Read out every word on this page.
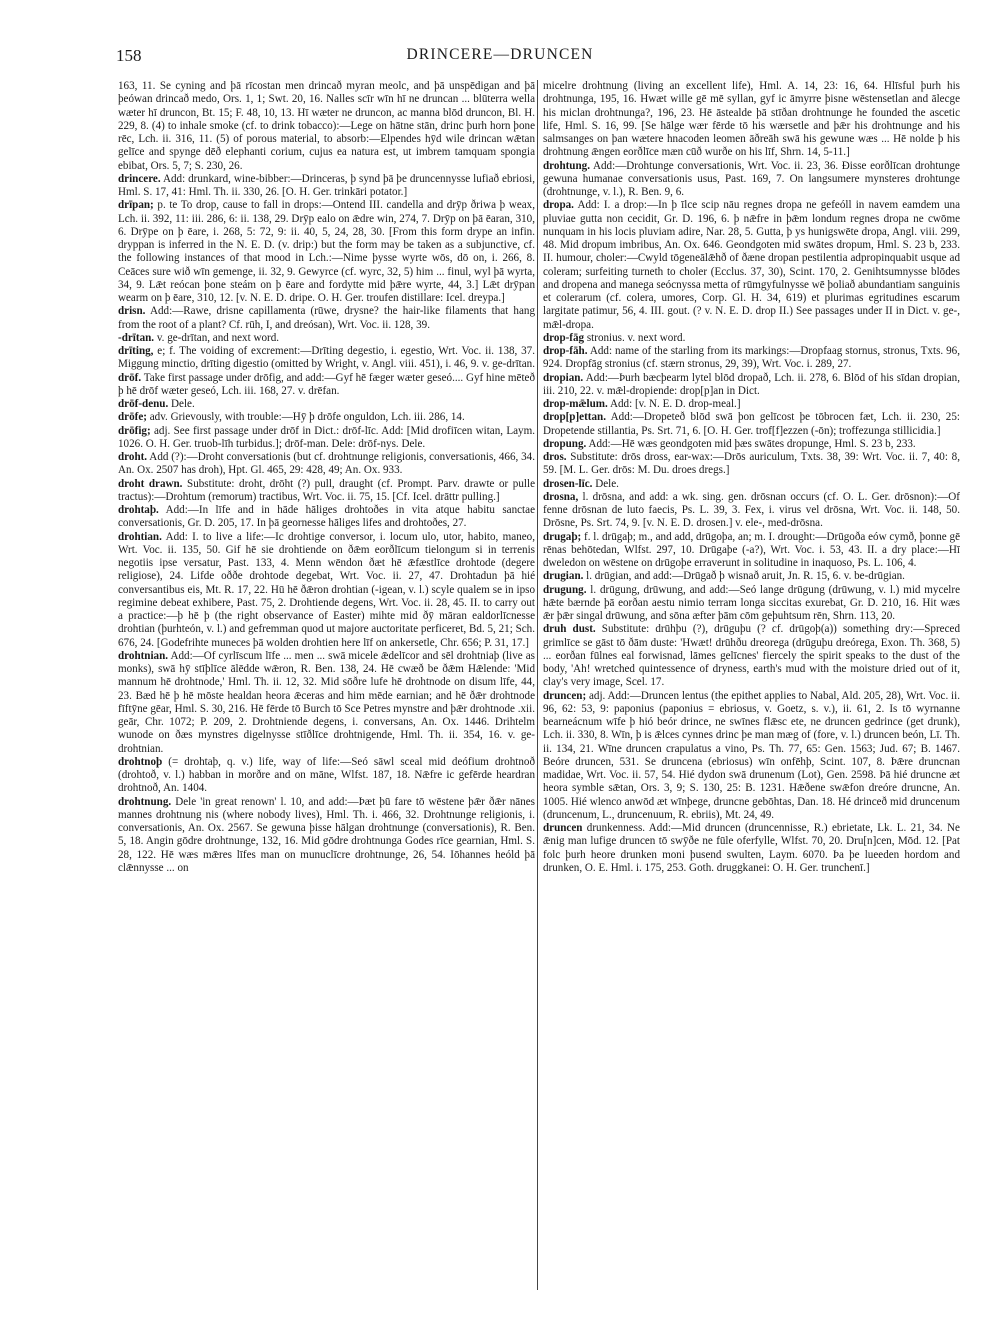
158	DRINCERE—DRUNCEN
163, 11. Se cyning and þā rīcostan men drincað myran meolc, and þā unspēdigan and þā þeówan drincað medo, Ors. 1, 1; Swt. 20, 16. Nalles scīr wīn hī ne druncan ... blūterra wella wæter hī druncon, Bt. 15; F. 48, 10, 13. Hī wæter ne druncon, ac manna blōd druncon, Bl. H. 229, 8. (4) to inhale smoke (cf. to drink tobacco):—Lege on hātne stān, drinc þurh horn þone rēc, Lch. ii. 316, 11. (5) of porous material, to absorb:—Elpendes hȳd wile drincan wǣtan gelīce and spynge dēð elephanti corium, cujus ea natura est, ut imbrem tamquam spongia ebibat, Ors. 5, 7; S. 230, 26.
drincere. Add: drunkard, wine-bibber:—Drinceras, þ synd þā þe druncennysse lufiað ebriosi, Hml. S. 17, 41: Hml. Th. ii. 330, 26. [O. H. Ger. trinkāri potator.]
drīpan; p. te To drop, cause to fall in drops:—Ontend III. candella and drȳp ðriwa þ weax, Lch. ii. 392, 11: iii. 286, 6: ii. 138, 29. Drȳp ealo on ǣdre win, 274, 7. Drȳp on þā ēaran, 310, 6. Drȳpe on þ ēare, i. 268, 5: 72, 9: ii. 40, 5, 24, 28, 30. [From this form drype an infin. dryppan is inferred in the N. E. D. (v. drip:) but the form may be taken as a subjunctive, cf. the following instances of that mood in Lch.:—Nime þysse wyrte wōs, dō on, i. 266, 8. Ceāces sure wið wīn gemenge, ii. 32, 9. Gewyrce (cf. wyrc, 32, 5) him ... finul, wyl þā wyrta, 34, 9. Lǣt reócan þone steám on þ ēare and fordytte mid þǣre wyrte, 44, 3.] Lǣt drȳpan wearm on þ ēare, 310, 12. [v. N. E. D. dripe. O. H. Ger. troufen distillare: Icel. dreypa.]
drisn. Add:—Rawe, drisne capillamenta (rūwe, drysne? the hair-like filaments that hang from the root of a plant? Cf. rūh, I, and dreósan), Wrt. Voc. ii. 128, 39.
-drītan. v. ge-drītan, and next word.
drīting, e; f. The voiding of excrement:—Drīting degestio, i. egestio, Wrt. Voc. ii. 138, 37. Miggung minctio, drīting digestio (omitted by Wright, v. Angl. viii. 451), i. 46, 9. v. ge-drītan.
drōf. Take first passage under drōfig, and add:—Gyf hē fæger wæter geseó.... Gyf hine mēteð þ hē drōf wæter geseó, Lch. iii. 168, 27. v. drēfan.
drōf-denu. Dele.
drōfe; adv. Grievously, with trouble:—Hȳ þ drōfe onguldon, Lch. iii. 286, 14.
drōfig; adj. See first passage under drōf in Dict.: drōf-līc. Add: [Mid drofiīcen witan, Laym. 1026. O. H. Ger. truob-līh turbidus.]; drōf-man. Dele: drōf-nys. Dele.
droht. Add (?):—Droht conversationis (but cf. drohtnunge religionis, conversationis, 466, 34. An. Ox. 2507 has droh), Hpt. Gl. 465, 29: 428, 49; An. Ox. 933.
droht drawn. Substitute: droht, drōht (?) pull, draught (cf. Prompt. Parv. drawte or pulle tractus):—Drohtum (remorum) tractibus, Wrt. Voc. ii. 75, 15. [Cf. Icel. drāttr pulling.]
drohtaþ. Add:—In līfe and in hāde hāliges drohtoðes in vita atque habitu sanctae conversationis, Gr. D. 205, 17. In þā geornesse hāliges lifes and drohtoðes, 27.
drohtian. Add: I. to live a life:—Ic drohtige conversor, i. locum ulo, utor, habito, maneo, Wrt. Voc. ii. 135, 50. Gif hē sie drohtiende on ðǣm eorðlīcum tielongum si in terrenis negotiis ipse versatur, Past. 133, 4. Menn wēndon ðæt hē ǣfæstlīce drohtode (degere religiose), 24. Lifde oððe drohtode degebat, Wrt. Voc. ii. 27, 47. Drohtadun þā hié conversantibus eis, Mt. R. 17, 22. Hū hē ðǣron drohtian (-igean, v. l.) scyle qualem se in ipso regimine debeat exhibere, Past. 75, 2. Drohtiende degens, Wrt. Voc. ii. 28, 45. II. to carry out a practice:—þ hē þ (the right observance of Easter) mihte mid ðȳ māran ealdorlīcnesse drohtian (þurhteón, v. l.) and gefremman quod ut majore auctoritate perficeret, Bd. 5, 21; Sch. 676, 24. [Godefrihte muneces þā wolden drohtien here līf on ankersetle, Chr. 656; P. 31, 17.]
drohtnian. Add:—Of cyrlīscum līfe ... men ... swā micele ǣdelīcor and sēl drohtniaþ (live as monks), swā hȳ stīþlīce ālēdde wǣron, R. Ben. 138, 24. Hē cwæð be ðǣm Hǣlende: 'Mid mannum hē drohtnode,' Hml. Th. ii. 12, 32. Mid sōðre lufe hē drohtnode on disum līfe, 44, 23. Bæd hē þ hē mōste healdan heora ǣceras and him mēde earnian; and hē ðǣr drohtnode fīftȳne gēar, Hml. S. 30, 216. Hē fērde tō Burch tō Sce Petres mynstre and þǣr drohtnode .xii. geār, Chr. 1072; P. 209, 2. Drohtniende degens, i. conversans, An. Ox. 1446. Drihtelm wunode on ðæs mynstres digelnysse stīðlīce drohtnigende, Hml. Th. ii. 354, 16. v. ge-drohtnian.
drohtnoþ (= drohtaþ, q. v.) life, way of life:—Seó sāwl sceal mid deófium drohtnoð (drohtoð, v. l.) habban in morðre and on māne, Wlfst. 187, 18. Nǣfre ic gefērde heardran drohtnoð, An. 1404.
drohtnung. Dele 'in great renown' l. 10, and add:—Þæt þū fare tō wēstene þǣr ðǣr nānes mannes drohtnung nis (where nobody lives), Hml. Th. i. 466, 32. Drohtnunge religionis, i. conversationis, An. Ox. 2567. Se gewuna þisse hālgan drohtnunge (conversationis), R. Ben. 5, 18. Angin gōdre drohtnunge, 132, 16. Mid gōdre drohtnunga Godes rīce gearnian, Hml. S. 28, 122. Hē wæs mǣres līfes man on munuclīcre drohtnunge, 26, 54. Iōhannes heóld þā clǣnnysse ... on
micelre drohtnung (living an excellent life), Hml. A. 14, 23: 16, 64. Hlīsful þurh his drohtnunga, 195, 16. Hwæt wille gē mē syllan, gyf ic āmyrre þisne wēstensetlan and ālecge his miclan drohtnunga?, 196, 23. Hē āstealde þā stīðan drohtnunge he founded the ascetic life, Hml. S. 16, 99. [Se hālge wær fērde tō his wærsetle and þǣr his drohtnunge and his salmsanges on þan wætere hnacoden leomen āðreāh swā his gewune wæs ... Hē nolde þ his drohtnung ǣngen eorðlīce mæn cūð wurðe on his līf, Shrn. 14, 5-11.]
drohtung. Add:—Drohtunge conversationis, Wrt. Voc. ii. 23, 36. Ðisse eorðlīcan drohtunge gewuna humanae conversationis usus, Past. 169, 7. On langsumere mynsteres drohtunge (drohtnunge, v. l.), R. Ben. 9, 6.
dropa. Add: I. a drop:—In þ īlce scip nāu regnes dropa ne gefeóll in navem eamdem una pluviae gutta non cecidit, Gr. D. 196, 6. þ nǣfre in þǣm londum regnes dropa ne cwōme nunquam in his locis pluviam adire, Nar. 28, 5. Gutta, þ ys hunigswēte dropa, Angl. viii. 299, 48. Mid dropum imbribus, An. Ox. 646. Geondgoten mid swātes dropum, Hml. S. 23 b, 233. II. humour, choler:—Cwyld tōgeneālǣhð of ðæne dropan pestilentia adpropinquabit usque ad coleram; surfeiting turneth to choler (Ecclus. 37, 30), Scint. 170, 2. Genihtsumnysse blōdes and dropena and manega seócnyssa metta of rūmgyfulnysse wē þoliað abundantiam sanguinis et colerarum (cf. colera, umores, Corp. Gl. H. 34, 619) et plurimas egritudines escarum largitate patimur, 56, 4. III. gout. (? v. N. E. D. drop II.) See passages under II in Dict. v. ge-, mǣl-dropa.
drop-fāg stronius. v. next word.
drop-fāh. Add: name of the starling from its markings:—Dropfaag stornus, stronus, Txts. 96, 924. Dropfāg stronius (cf. stærn stronus, 29, 39), Wrt. Voc. i. 289, 27.
dropian. Add:—Þurh bæcþearm lytel blōd dropað, Lch. ii. 278, 6. Blōd of his sīdan dropian, iii. 210, 22. v. mǣl-dropiende: drop[p]an in Dict.
drop-mǣlum. Add: [v. N. E. D. drop-meal.]
drop[p]ettan. Add:—Dropeteð blōd swā þon gelīcost þe tōbrocen fæt, Lch. ii. 230, 25: Dropetende stillantia, Ps. Srt. 71, 6. [O. H. Ger. trof[f]ezzen (-ōn); troffezunga stillicidia.]
dropung. Add:—Hē wæs geondgoten mid þæs swātes dropunge, Hml. S. 23 b, 233.
dros. Substitute: drōs dross, ear-wax:—Drōs auriculum, Txts. 38, 39: Wrt. Voc. ii. 7, 40: 8, 59. [M. L. Ger. drōs: M. Du. droes dregs.]
drosen-līc. Dele.
drosna, l. drōsna, and add: a wk. sing. gen. drōsnan occurs (cf. O. L. Ger. drōsnon):—Of fenne drōsnan de luto faecis, Ps. L. 39, 3. Fex, i. virus vel drōsna, Wrt. Voc. ii. 148, 50. Drōsne, Ps. Srt. 74, 9. [v. N. E. D. drosen.] v. ele-, med-drōsna.
drugaþ; f. l. drūgaþ; m., and add, drūgoþa, an; m. I. drought:—Drūgoða eów cymð, þonne gē rēnas behōtedan, Wlfst. 297, 10. Drūgaþe (-a?), Wrt. Voc. i. 53, 43. II. a dry place:—Hī dweledon on wēstene on drūgoþe erraverunt in solitudine in inaquoso, Ps. L. 106, 4.
drugian. l. drūgian, and add:—Drūgað þ wisnað aruit, Jn. R. 15, 6. v. be-drūgian.
drugung. l. drūgung, drūwung, and add:—Seó lange drūgung (drūwung, v. l.) mid mycelre hǣte bærnde þā eorðan aestu nimio terram longa siccitas exurebat, Gr. D. 210, 16. Hit wæs ǣr þǣr singal drūwung, and sōna æfter þām cōm geþuhtsum rēn, Shrn. 113, 20.
druh dust. Substitute: drūhþu (?), drūguþu (? cf. drūgoþ(a)) something dry:—Spreced grimlīce se gāst tō ðām duste: 'Hwæt! drūhðu dreorega (drūguþu dreórega, Exon. Th. 368, 5) ... eorðan fūlnes eal forwisnad, lāmes gelīcnes' fiercely the spirit speaks to the dust of the body, 'Ah! wretched quintessence of dryness, earth's mud with the moisture dried out of it, clay's very image, Scel. 17.
druncen; adj. Add:—Druncen lentus (the epithet applies to Nabal, Ald. 205, 28), Wrt. Voc. ii. 96, 62: 53, 9: paponius (paponius = ebriosus, v. Goetz, s. v.), ii. 61, 2. Is tō wyrnanne bearneácnum wīfe þ hió beór drince, ne swīnes flǣsc ete, ne druncen gedrince (get drunk), Lch. ii. 330, 8. Wīn, þ is ǣlces cynnes drinc þe man mæg of (fore, v. l.) druncen beón, Lī. Th. ii. 134, 21. Wīne druncen crapulatus a vino, Ps. Th. 77, 65: Gen. 1563; Jud. 67; B. 1467. Beóre druncen, 531. Se druncena (ebriosus) wīn onfēhþ, Scint. 107, 8. Þǣre druncnan madidae, Wrt. Voc. ii. 57, 54. Hié dydon swā drunenum (Lot), Gen. 2598. Þā hié druncne æt heora symble sǣtan, Ors. 3, 9; S. 130, 25: B. 1231. Hǣðene swǣfon dreóre druncne, An. 1005. Hié wlenco anwōd æt wīnþege, druncne gebōhtas, Dan. 18. Hé drinceð mid druncenum (druncenum, L., druncenuum, R. ebriis), Mt. 24, 49.
druncen drunkenness. Add:—Mid druncen (druncennisse, R.) ebrietate, Lk. L. 21, 34. Ne ǣnig man lufige druncen tō swȳðe ne fūle oferfylle, Wlfst. 70, 20. Dru[n]cen, Mōd. 12. [Pat folc þurh heore drunken moni þusend swulten, Laym. 6070. Þa þe lueeden hordom and drunken, O. E. Hml. i. 175, 253. Goth. druggkanei: O. H. Ger. trunchenī.]
